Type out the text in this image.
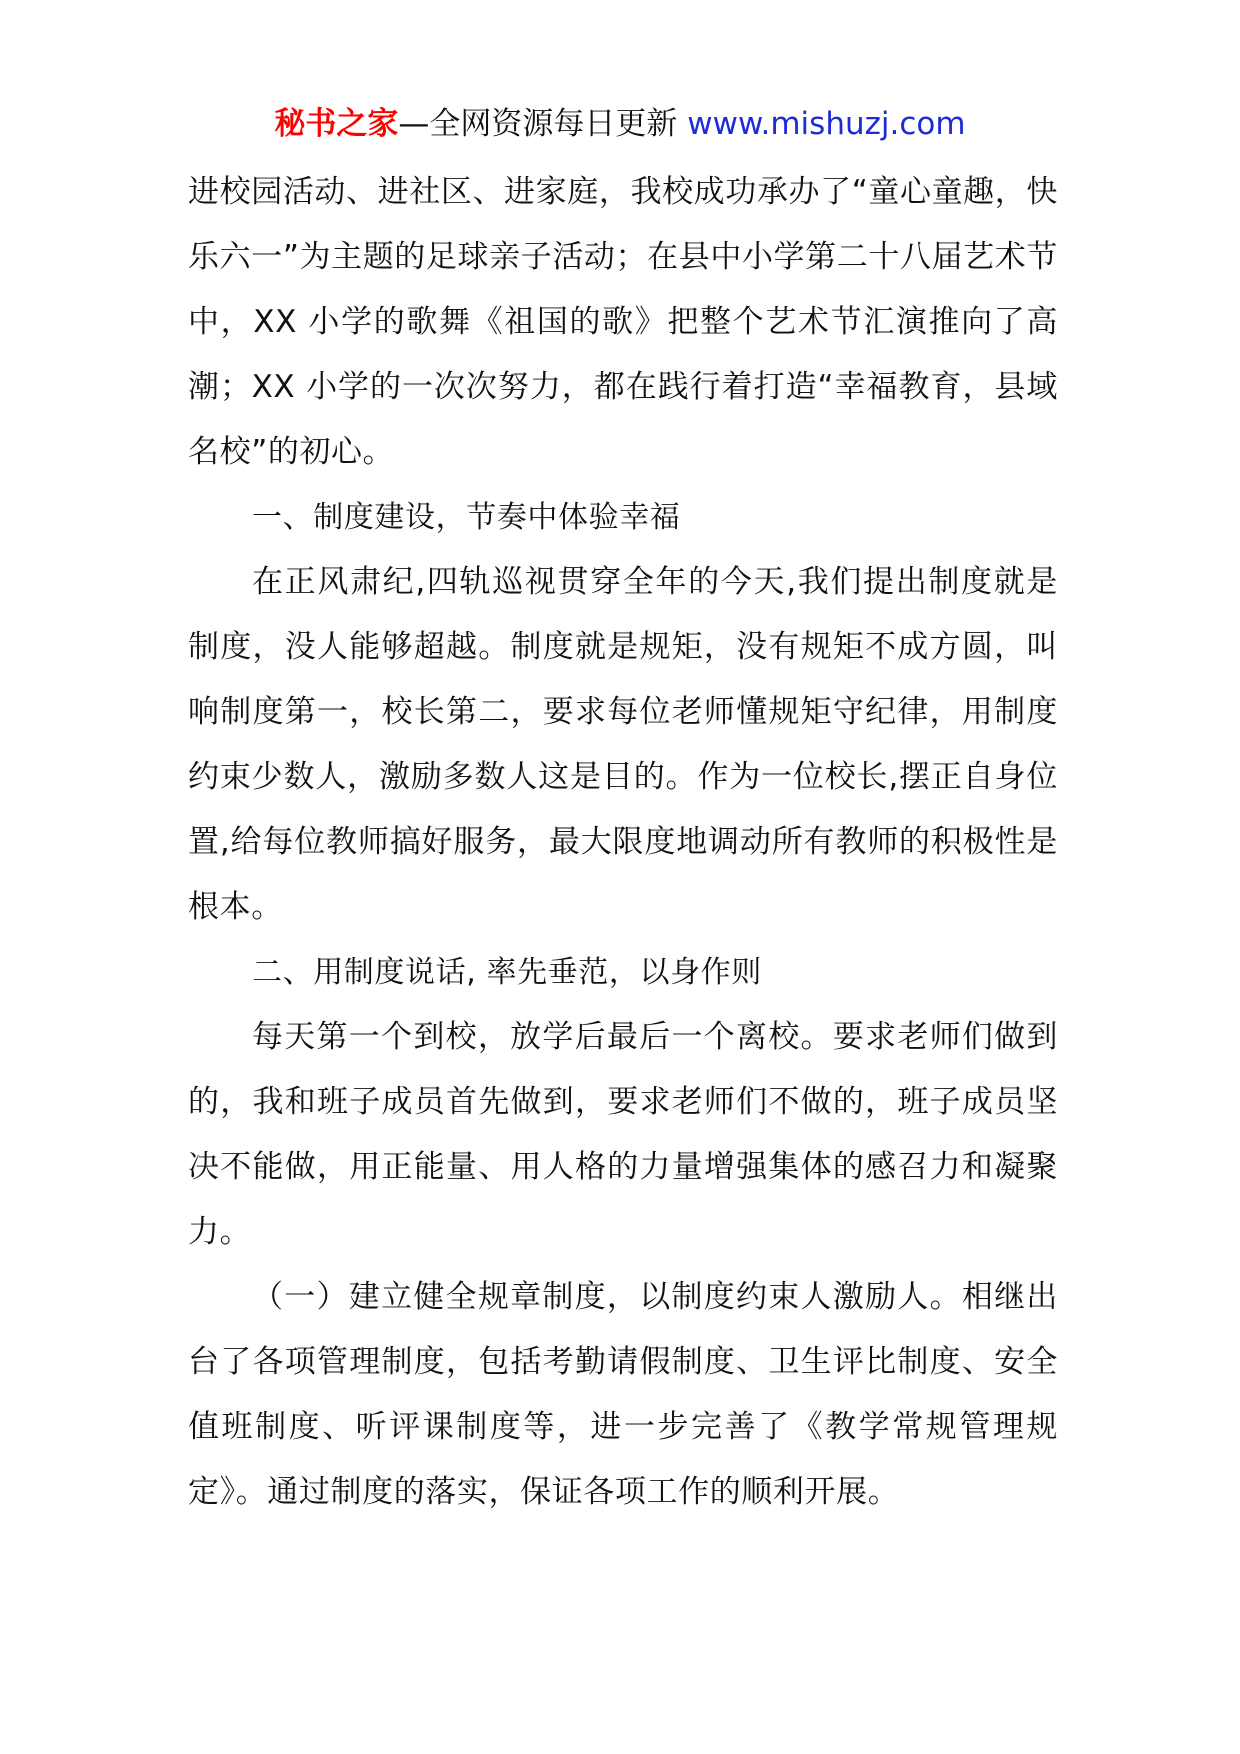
秘书之家—全网资源每日更新 www.mishuzj.com

进校园活动、进社区、进家庭，我校成功承办了“童心童趣，快乐六一”为主题的足球亲子活动；在县中小学第二十八届艺术节中，XX 小学的歌舞《祖国的歌》把整个艺术节汇演推向了高潮；XX 小学的一次次努力，都在践行着打造“幸福教育，县域名校”的初心。

一、制度建设，节奏中体验幸福

在正风肃纪,四轨巡视贯穿全年的今天,我们提出制度就是制度，没人能够超越。制度就是规矩，没有规矩不成方圆，叫响制度第一，校长第二，要求每位老师懂规矩守纪律，用制度约束少数人，激励多数人这是目的。作为一位校长,摆正自身位置,给每位教师搞好服务，最大限度地调动所有教师的积极性是根本。

二、用制度说话, 率先垂范，以身作则

每天第一个到校，放学后最后一个离校。要求老师们做到的，我和班子成员首先做到，要求老师们不做的，班子成员坚决不能做，用正能量、用人格的力量增强集体的感召力和凝聚力。

（一）建立健全规章制度，以制度约束人激励人。相继出台了各项管理制度，包括考勤请假制度、卫生评比制度、安全值班制度、听评课制度等，进一步完善了《教学常规管理规定》。通过制度的落实，保证各项工作的顺利开展。
